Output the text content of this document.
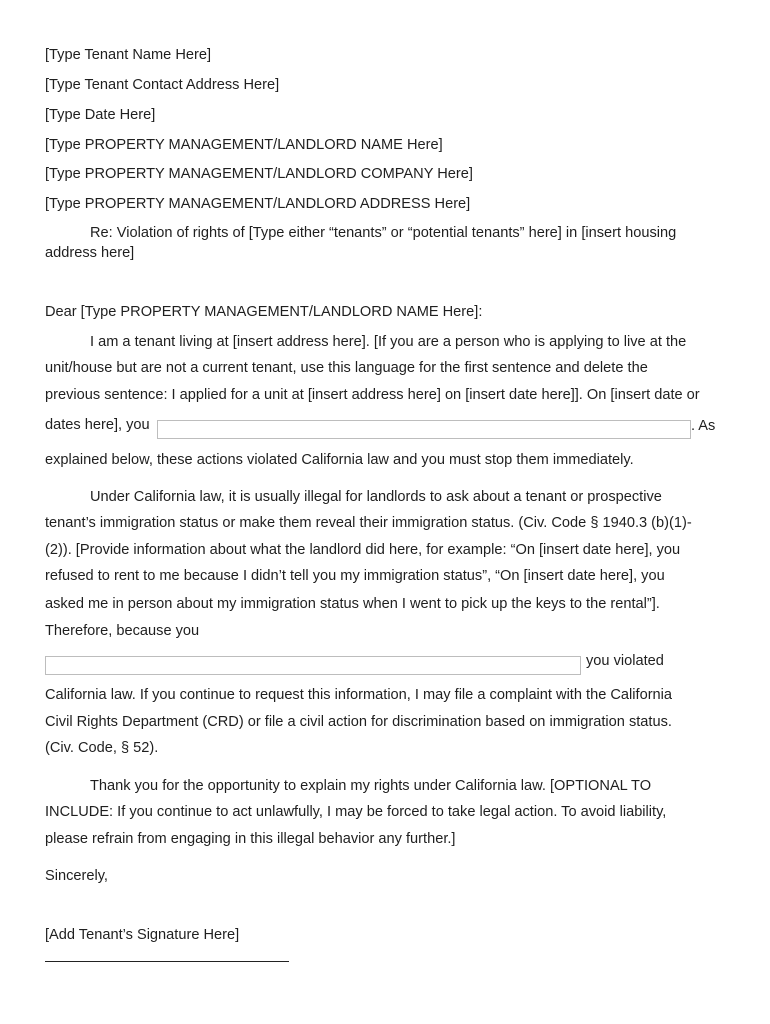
[Type Tenant Name Here]
[Type Tenant Contact Address Here]
[Type Date Here]
[Type PROPERTY MANAGEMENT/LANDLORD NAME Here]
[Type PROPERTY MANAGEMENT/LANDLORD COMPANY Here]
[Type PROPERTY MANAGEMENT/LANDLORD ADDRESS Here]
Re: Violation of rights of [Type either “tenants” or “potential tenants” here] in [insert housing
address here]
Dear [Type PROPERTY MANAGEMENT/LANDLORD NAME Here]:
I am a tenant living at [insert address here]. [If you are a person who is applying to live at the
unit/house but are not a current tenant, use this language for the first sentence and delete the
previous sentence: I applied for a unit at [insert address here] on [insert date here]]. On [insert date or
dates here], you	. As
explained below, these actions violated California law and you must stop them immediately.
Under California law, it is usually illegal for landlords to ask about a tenant or prospective
tenant’s immigration status or make them reveal their immigration status. (Civ. Code § 1940.3 (b)(1)-
(2)). [Provide information about what the landlord did here, for example: “On [insert date here], you
refused to rent to me because I didn’t tell you my immigration status”, “On [insert date here], you
asked me in person about my immigration status when I went to pick up the keys to the rental”].
Therefore, because you
you violated
California law. If you continue to request this information, I may file a complaint with the California
Civil Rights Department (CRD) or file a civil action for discrimination based on immigration status.
(Civ. Code, § 52).
Thank you for the opportunity to explain my rights under California law. [OPTIONAL TO
INCLUDE: If you continue to act unlawfully, I may be forced to take legal action. To avoid liability,
please refrain from engaging in this illegal behavior any further.]
Sincerely,
[Add Tenant’s Signature Here]
